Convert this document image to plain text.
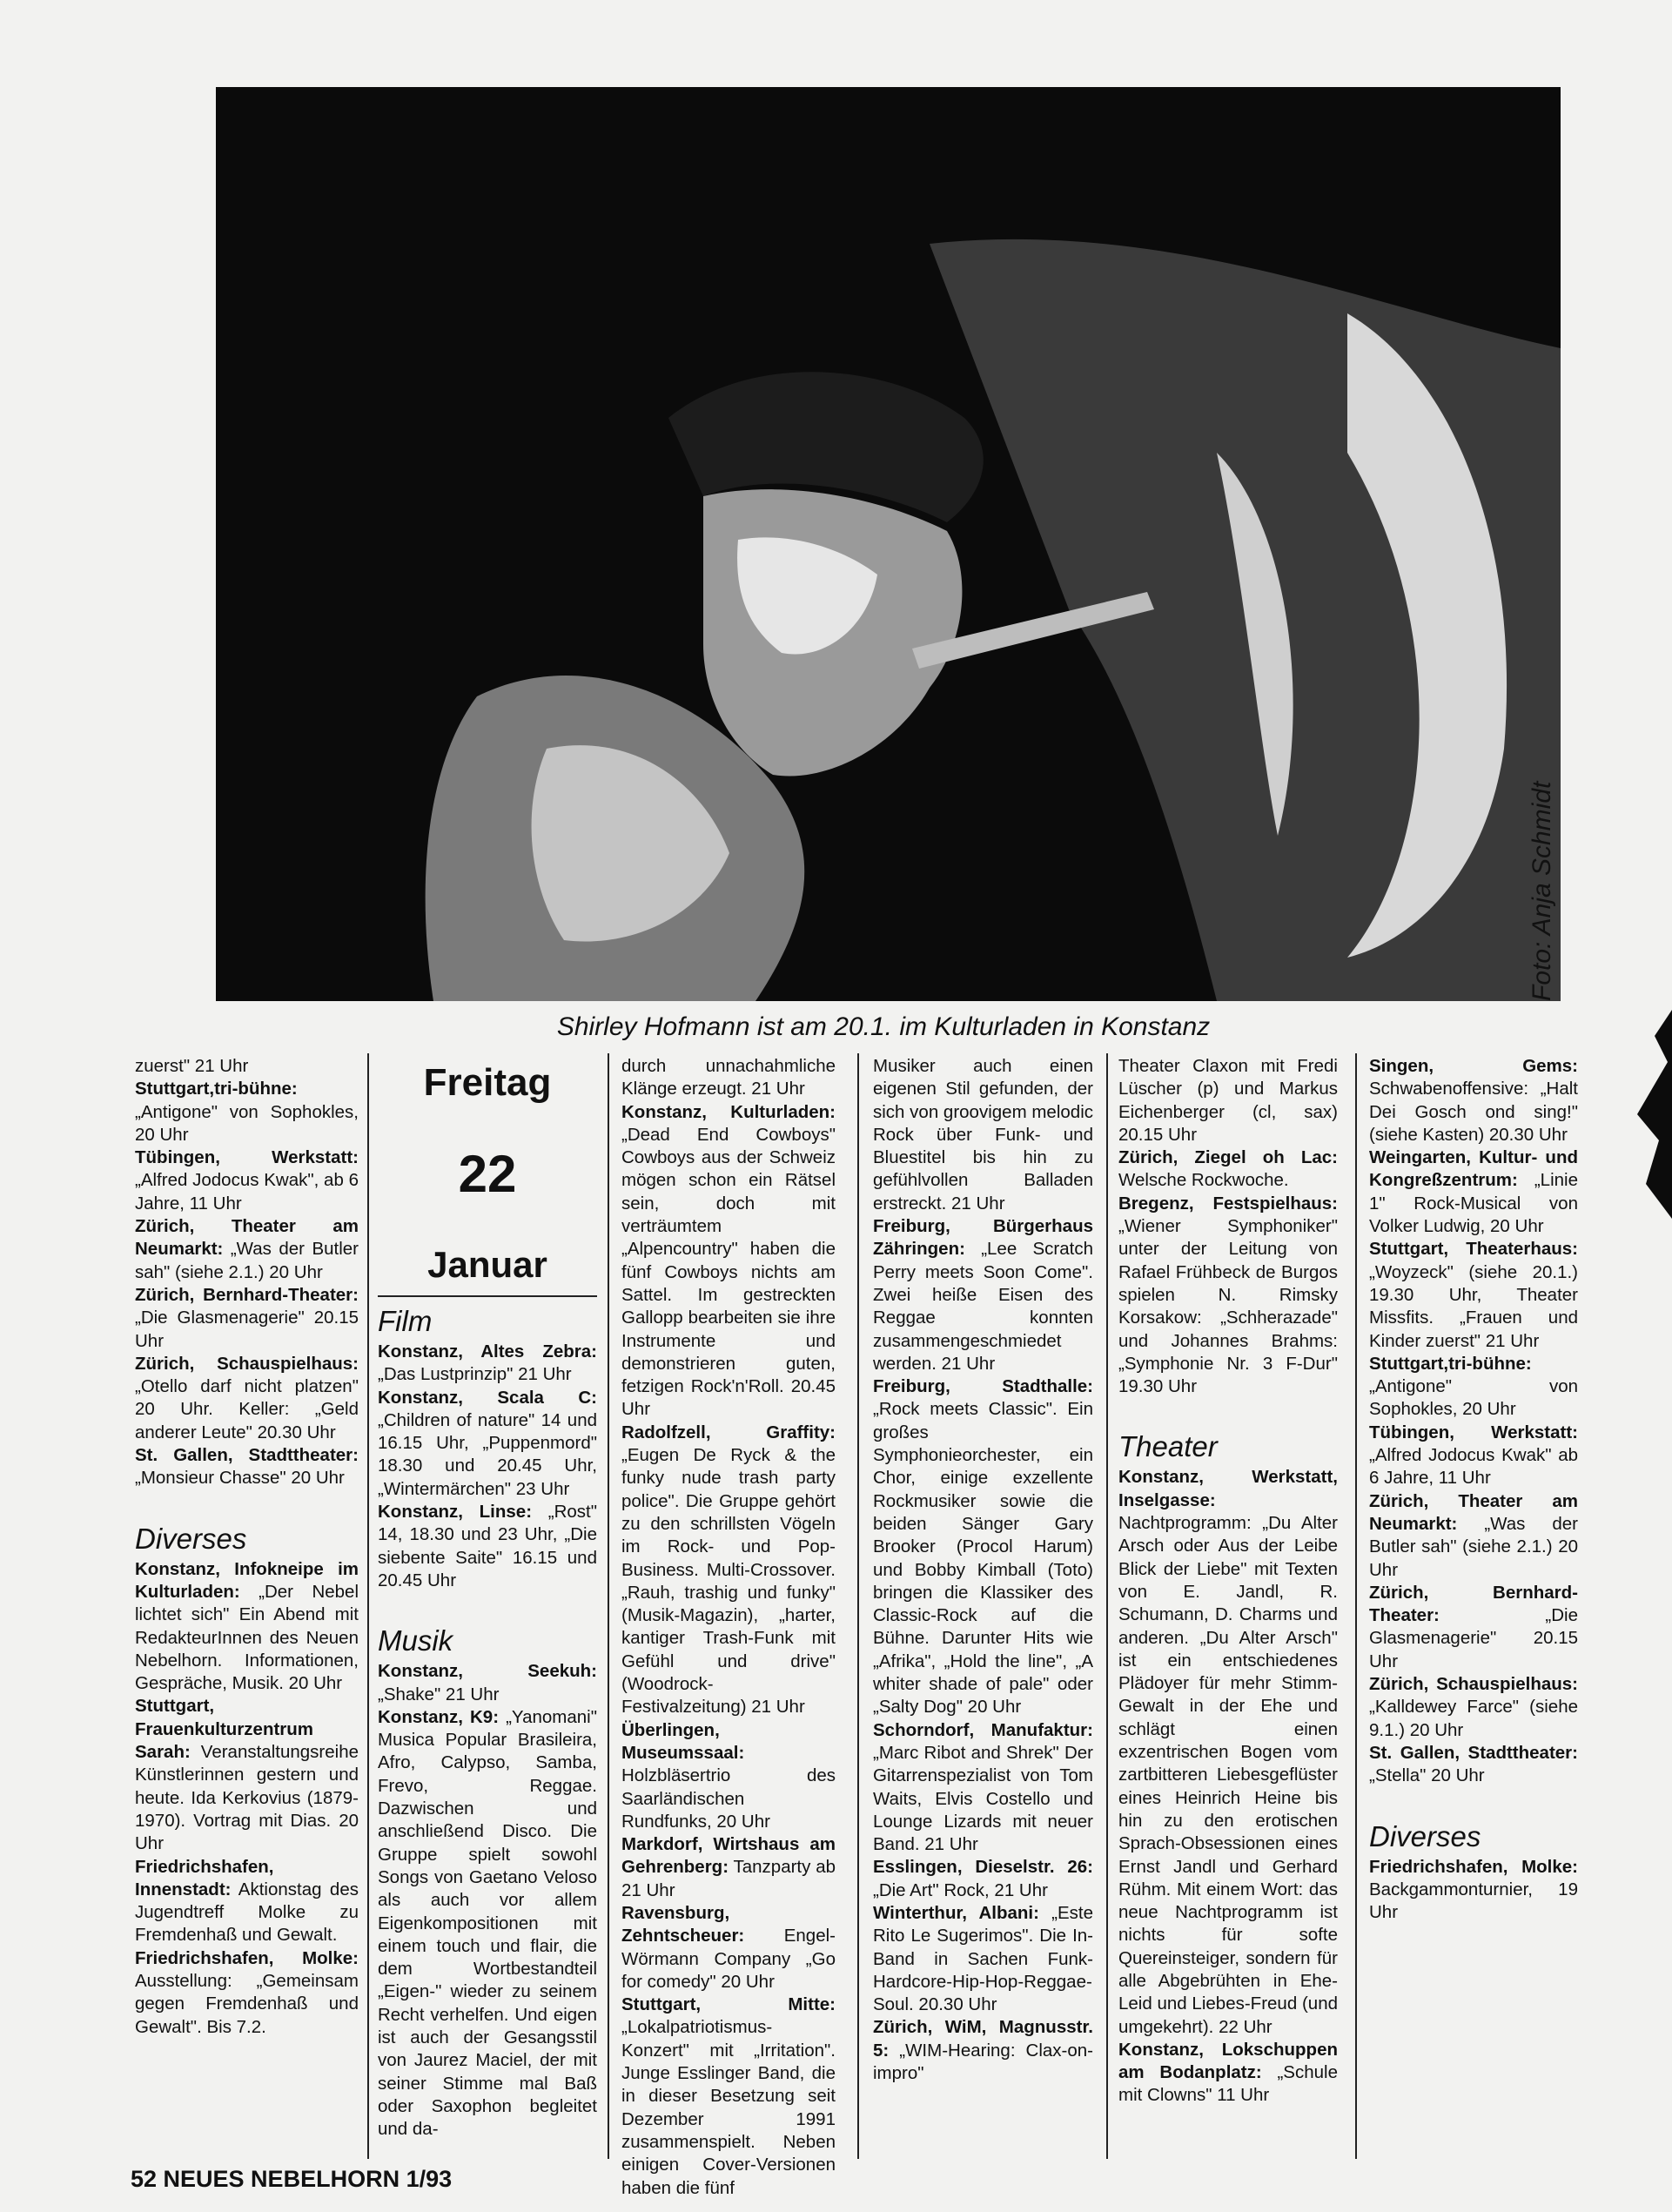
Foto: Anja Schmidt
Shirley Hofmann ist am 20.1. im Kulturladen in Konstanz

zuerst" 21 Uhr

Stuttgart,tri-bühne: „Antigone" von Sophokles, 20 Uhr

Tübingen, Werkstatt: „Alfred Jodocus Kwak", ab 6 Jahre, 11 Uhr

Zürich, Theater am Neumarkt: „Was der Butler sah" (siehe 2.1.) 20 Uhr

Zürich, Bernhard-Theater: „Die Glasmenagerie" 20.15 Uhr

Zürich, Schauspielhaus: „Otello darf nicht platzen" 20 Uhr. Keller: „Geld anderer Leute" 20.30 Uhr

St. Gallen, Stadttheater: „Monsieur Chasse" 20 Uhr

Diverses

Konstanz, Infokneipe im Kulturladen: „Der Nebel lichtet sich" Ein Abend mit RedakteurInnen des Neuen Nebelhorn. Informationen, Gespräche, Musik. 20 Uhr

Stuttgart, Frauenkulturzentrum Sarah: Veranstaltungsreihe Künstlerinnen gestern und heute. Ida Kerkovius (1879-1970). Vortrag mit Dias. 20 Uhr

Friedrichshafen, Innenstadt: Aktionstag des Jugendtreff Molke zu Fremdenhaß und Gewalt.

Friedrichshafen, Molke: Ausstellung: „Gemeinsam gegen Fremdenhaß und Gewalt". Bis 7.2.

Freitag
22
Januar
Film

Konstanz, Altes Zebra: „Das Lustprinzip" 21 Uhr

Konstanz, Scala C: „Children of nature" 14 und 16.15 Uhr, „Puppenmord" 18.30 und 20.45 Uhr, „Wintermärchen" 23 Uhr

Konstanz, Linse: „Rost" 14, 18.30 und 23 Uhr, „Die siebente Saite" 16.15 und 20.45 Uhr

Musik

Konstanz, Seekuh: „Shake" 21 Uhr

Konstanz, K9: „Yanomani" Musica Popular Brasileira, Afro, Calypso, Samba, Frevo, Reggae. Dazwischen und anschließend Disco. Die Gruppe spielt sowohl Songs von Gaetano Veloso als auch vor allem Eigenkompositionen mit einem touch und flair, die dem Wortbestandteil „Eigen-" wieder zu seinem Recht verhelfen. Und eigen ist auch der Gesangsstil von Jaurez Maciel, der mit seiner Stimme mal Baß oder Saxophon begleitet und da-

durch unnachahmliche Klänge erzeugt. 21 Uhr

Konstanz, Kulturladen: „Dead End Cowboys" Cowboys aus der Schweiz mögen schon ein Rätsel sein, doch mit verträumtem „Alpencountry" haben die fünf Cowboys nichts am Sattel. Im gestreckten Gallopp bearbeiten sie ihre Instrumente und demonstrieren guten, fetzigen Rock'n'Roll. 20.45 Uhr

Radolfzell, Graffity: „Eugen De Ryck & the funky nude trash party police". Die Gruppe gehört zu den schrillsten Vögeln im Rock- und Pop-Business. Multi-Crossover. „Rauh, trashig und funky" (Musik-Magazin), „harter, kantiger Trash-Funk mit Gefühl und drive" (Woodrock-Festivalzeitung) 21 Uhr

Überlingen, Museumssaal: Holzbläsertrio des Saarländischen Rundfunks, 20 Uhr

Markdorf, Wirtshaus am Gehrenberg: Tanzparty ab 21 Uhr

Ravensburg, Zehntscheuer: Engel-Wörmann Company „Go for comedy" 20 Uhr

Stuttgart, Mitte: „Lokalpatriotismus-Konzert" mit „Irritation". Junge Esslinger Band, die in dieser Besetzung seit Dezember 1991 zusammenspielt. Neben einigen Cover-Versionen haben die fünf

Musiker auch einen eigenen Stil gefunden, der sich von groovigem melodic Rock über Funk- und Bluestitel bis hin zu gefühlvollen Balladen erstreckt. 21 Uhr

Freiburg, Bürgerhaus Zähringen: „Lee Scratch Perry meets Soon Come". Zwei heiße Eisen des Reggae konnten zusammengeschmiedet werden. 21 Uhr

Freiburg, Stadthalle: „Rock meets Classic". Ein großes Symphonieorchester, ein Chor, einige exzellente Rockmusiker sowie die beiden Sänger Gary Brooker (Procol Harum) und Bobby Kimball (Toto) bringen die Klassiker des Classic-Rock auf die Bühne. Darunter Hits wie „Afrika", „Hold the line", „A whiter shade of pale" oder „Salty Dog" 20 Uhr

Schorndorf, Manufaktur: „Marc Ribot and Shrek" Der Gitarrenspezialist von Tom Waits, Elvis Costello und Lounge Lizards mit neuer Band. 21 Uhr

Esslingen, Dieselstr. 26: „Die Art" Rock, 21 Uhr

Winterthur, Albani: „Este Rito Le Sugerimos". Die In-Band in Sachen Funk-Hardcore-Hip-Hop-Reggae-Soul. 20.30 Uhr

Zürich, WiM, Magnusstr. 5: „WIM-Hearing: Clax-on-impro"

Theater Claxon mit Fredi Lüscher (p) und Markus Eichenberger (cl, sax) 20.15 Uhr

Zürich, Ziegel oh Lac: Welsche Rockwoche.

Bregenz, Festspielhaus: „Wiener Symphoniker" unter der Leitung von Rafael Frühbeck de Burgos spielen N. Rimsky Korsakow: „Schherazade" und Johannes Brahms: „Symphonie Nr. 3 F-Dur" 19.30 Uhr

Theater

Konstanz, Werkstatt, Inselgasse: Nachtprogramm: „Du Alter Arsch oder Aus der Leibe Blick der Liebe" mit Texten von E. Jandl, R. Schumann, D. Charms und anderen. „Du Alter Arsch" ist ein entschiedenes Plädoyer für mehr Stimm-Gewalt in der Ehe und schlägt einen exzentrischen Bogen vom zartbitteren Liebesgeflüster eines Heinrich Heine bis hin zu den erotischen Sprach-Obsessionen eines Ernst Jandl und Gerhard Rühm. Mit einem Wort: das neue Nachtprogramm ist nichts für softe Quereinsteiger, sondern für alle Abgebrühten in Ehe-Leid und Liebes-Freud (und umgekehrt). 22 Uhr

Konstanz, Lokschuppen am Bodanplatz: „Schule mit Clowns" 11 Uhr

Singen, Gems: Schwabenoffensive: „Halt Dei Gosch ond sing!" (siehe Kasten) 20.30 Uhr

Weingarten, Kultur- und Kongreßzentrum: „Linie 1" Rock-Musical von Volker Ludwig, 20 Uhr

Stuttgart, Theaterhaus: „Woyzeck" (siehe 20.1.) 19.30 Uhr, Theater Missfits. „Frauen und Kinder zuerst" 21 Uhr

Stuttgart,tri-bühne: „Antigone" von Sophokles, 20 Uhr

Tübingen, Werkstatt: „Alfred Jodocus Kwak" ab 6 Jahre, 11 Uhr

Zürich, Theater am Neumarkt: „Was der Butler sah" (siehe 2.1.) 20 Uhr

Zürich, Bernhard-Theater: „Die Glasmenagerie" 20.15 Uhr

Zürich, Schauspielhaus: „Kalldewey Farce" (siehe 9.1.) 20 Uhr

St. Gallen, Stadttheater: „Stella" 20 Uhr

Diverses

Friedrichshafen, Molke: Backgammonturnier, 19 Uhr

52 NEUES NEBELHORN 1/93
